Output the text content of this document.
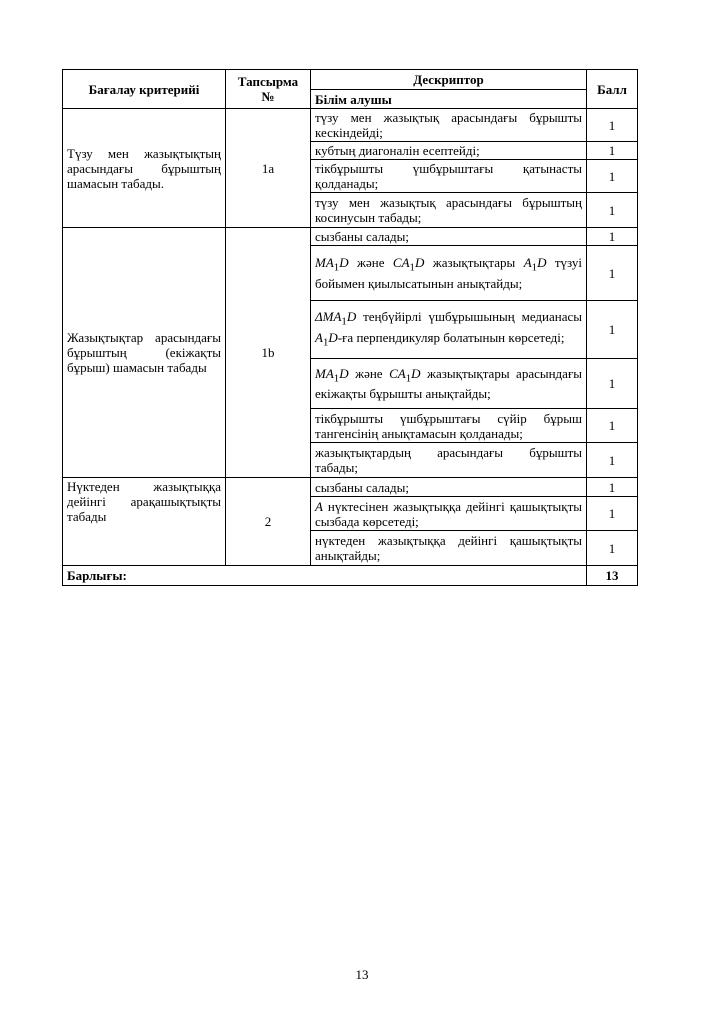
Бағалау критерийі	Тапсырма №	Дескриптор	Балл
		Білім алушы	
Түзу мен жазықтықтың арасындағы бұрыштың шамасын табады.	1a	түзу мен жазықтық арасындағы бұрышты кескіндейді;	1
		кубтың диагоналін есептейді;	1
		тікбұрышты үшбұрыштағы қатынасты қолданады;	1
		түзу мен жазықтық арасындағы бұрыштың косинусын табады;	1
Жазықтықтар арасындағы бұрыштың (екіжақты бұрыш) шамасын табады	1b	сызбаны салады;	1
		$MA_1D$ және $CA_1D$ жазықтықтары $A_1D$ түзуі бойымен қиылысатынын анықтайды;	1
		$\Delta MA_1D$ теңбүйірлі үшбұрышының медианасы $A_1D-ға$ перпендикуляр болатынын көрсетеді;	1
		$MA_1D$ және $CA_1D$ жазықтықтары арасындағы екіжақты бұрышты анықтайды;	1
		тікбұрышты үшбұрыштағы сүйір бұрыш тангенсінің анықтамасын қолданады;	1
		жазықтықтардың арасындағы бұрышты табады;	1
Нүктеден жазықтыққа дейінгі арақашықтықты табады	2	сызбаны салады;	1
		A нүктесінен жазықтыққа дейінгі қашықтықты сызбада көрсетеді;	1
		нүктеден жазықтыққа дейінгі қашықтықты анықтайды;	1
Барлығы:			13
13
